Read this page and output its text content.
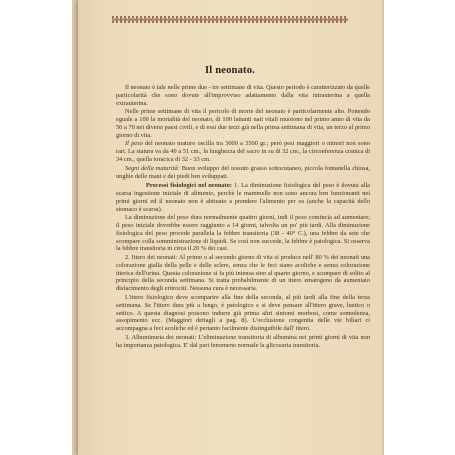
Il neonato.

Il neonato è tale nelle prime due - tre settimane di vita. Questo periodo è caratterizzato da quelle particolarità che sono dovute all'improvviso adattamento dalla vita intrauterina a quella extrauterina.

Nelle prime settimane di vita il pericolo di morte del neonato è particolarmente alto. Ponendo eguale a 100 la mortalità del neonato, di 100 lattanti nati vitali muoiono nel primo anno di vita da 50 a 70 nei diversi paesi civili, e di essi due terzi già nella prima settimana di vita, un terzo al primo giorno di vita.

Il peso del neonato maturo oscilla tra 3000 a 3500 gr.; però pesi maggiori o minori non sono rari. La statura va da 49 a 51 cm., la lunghezza del sacro in su di 32 cm., la circonferenza cranica di 34 cm., quella toracica di 32 - 33 cm.

Segni della maturità: Buon sviluppo del tessuto grasso sottocutaneo, piccola fontanella chiusa, unghie delle mani e dei piedi ben sviluppati.

Processi fisiologici nel neonato: 1. La diminuzione fisiologica del peso è dovuta alla scarsa ingestione iniziale di alimento, perchè le mammelle non sono ancora ben funzionanti nei primi giorni ed il neonato non è abituato a prendere l'alimento per os (anche la capacità dello stomaco è scarsa).

La diminuzione del peso dura normalmente quattro giorni, indi il peso comincia ad aumentare; il peso iniziale dovrebbe essere raggiunto a 14 giorni, talvolta un po' più tardi. Alla diminuzione fisiologica del peso procede parallela la febbre transitoria (38 - 40° C.), una febbre da sete che scompare colla somministrazione di liquidi. Se così non succede, la febbre è patologica. Si osserva la febbre transitoria in circa il 20 % dei casi.

2. Ittero dei neonati: Al primo o al secondo giorno di vita si produce nell' 80 % dei neonati una colorazione gialla della pelle e delle sclere, senza che le feci siano acoliche e senza colorazione itterica dell'urina. Questa colorazione si fa più intensa sino al quarto giorno, e scompare di solito al principio della seconda settimana. Si tratta probabilmente di un ittero ematogeno da aumentato disfacimento degli eritrociti. Nessuna cura è necessaria.

L'ittero fisiologico deve scomparire alla fine della seconda, al più tardi alla fine della terza settimana. Se l'ittero dura più a lungo, è patologico e si deve pensare all'ittero grave, luetico o settico. A questa diagnosi possono indurre già prima altri sintomi morbosi, come sonnolenza, assopimento ecc. (Maggiori dettagli a pag. 8). L'occlusione congenita delle vie biliari ci accompagna a feci acoliche ed è pertanto facilmente distinguibile dall' ittero.

3. Albuminuria dei neonati: L'eliminazione transitoria di albumina nei primi giorni di vita non ha importanza patologica. E' dal pari fenomeno normale la glicosuria transitoria.
